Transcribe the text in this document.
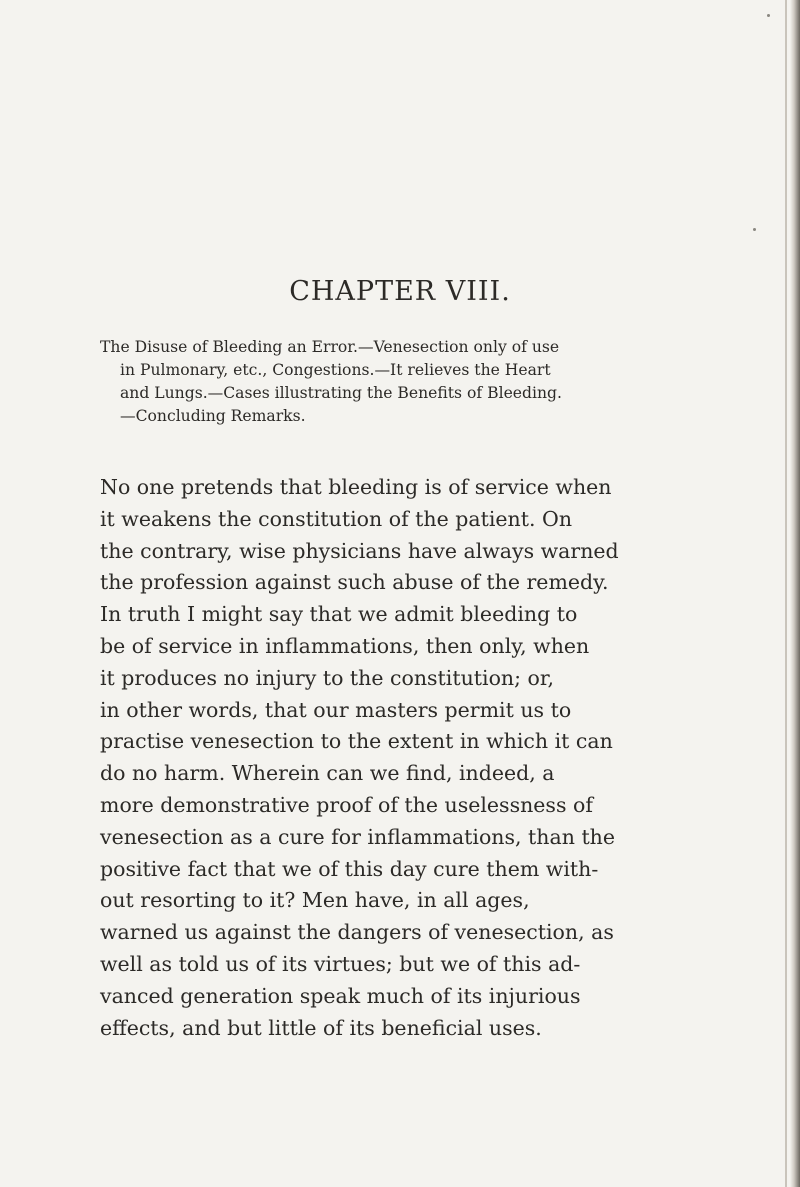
CHAPTER VIII.
The Disuse of Bleeding an Error.—Venesection only of use
in Pulmonary, etc., Congestions.—It relieves the Heart
and Lungs.—Cases illustrating the Benefits of Bleeding.
—Concluding Remarks.
No one pretends that bleeding is of service when
it weakens the constitution of the patient. On
the contrary, wise physicians have always warned
the profession against such abuse of the remedy.
In truth I might say that we admit bleeding to
be of service in inflammations, then only, when
it produces no injury to the constitution; or,
in other words, that our masters permit us to
practise venesection to the extent in which it can
do no harm. Wherein can we find, indeed, a
more demonstrative proof of the uselessness of
venesection as a cure for inflammations, than the
positive fact that we of this day cure them with-
out resorting to it? Men have, in all ages,
warned us against the dangers of venesection, as
well as told us of its virtues; but we of this ad-
vanced generation speak much of its injurious
effects, and but little of its beneficial uses.
